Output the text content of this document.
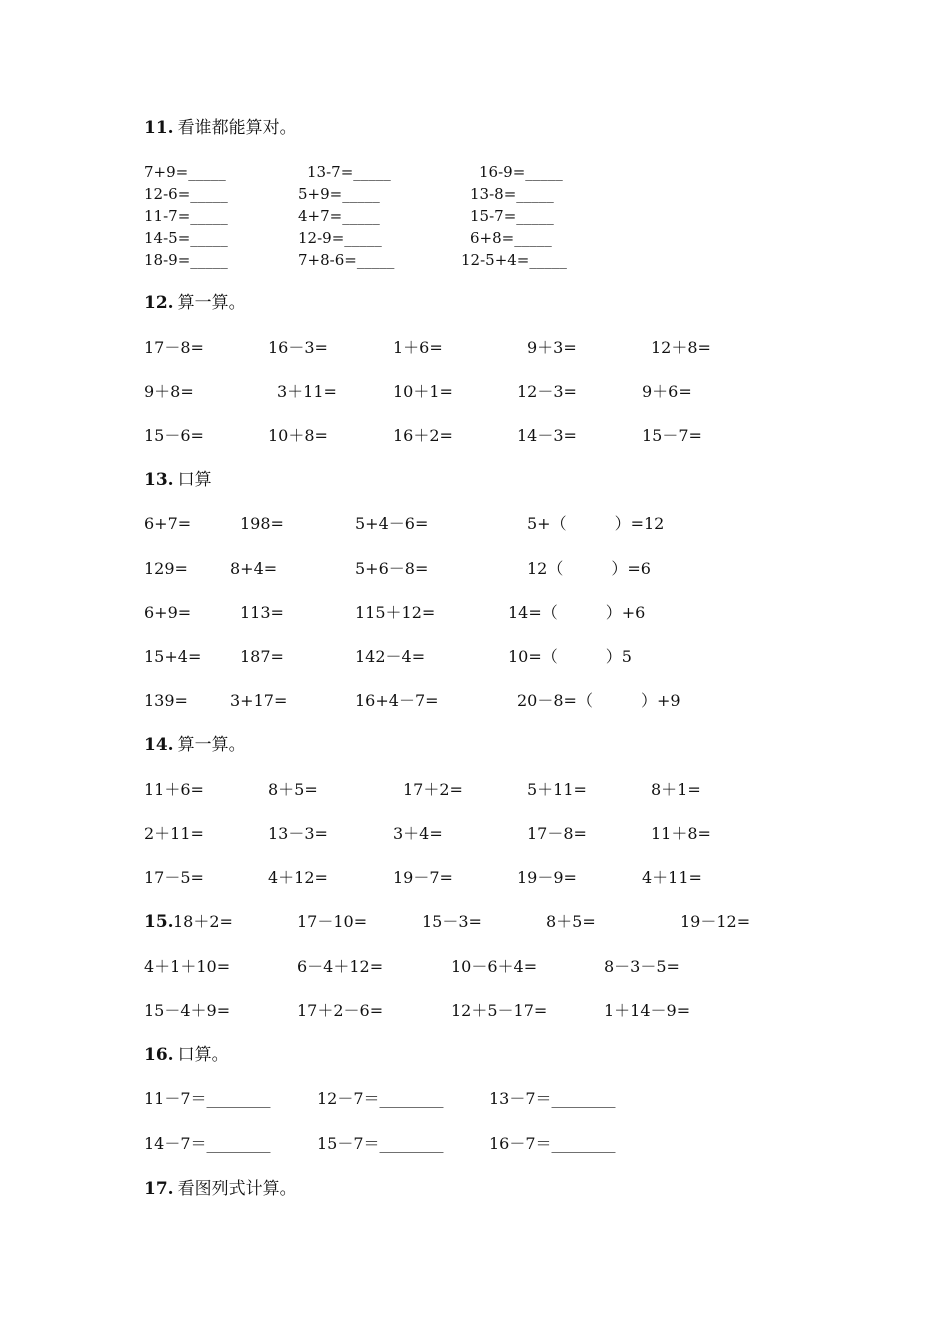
11. 看谁都能算对。
7+9=_____	13-7=_____	16-9=_____
12-6=_____	5+9=_____	13-8=_____
11-7=_____	4+7=_____	15-7=_____
14-5=_____	12-9=_____	6+8=_____
18-9=_____	7+8-6=_____	12-5+4=_____
12. 算一算。
17－8=	16－3=	1＋6=	9＋3=	12＋8=
9＋8=	3＋11=	10＋1=	12－3=	9＋6=
15－6=	10＋8=	16＋2=	14－3=	15－7=
13. 口算
6+7=	198=	5+4－6=	5+（　　　）=12
129=	8+4=	5+6－8=	12（　　　）=6
6+9=	113=	115＋12=	14=（　　　）+6
15+4= 187=	142－4=	10=（　　　）5
139=	3+17=	16+4－7=	20－8=（　　　）+9
14. 算一算。
11＋6=	8＋5=	17＋2=	5＋11=	8＋1=
2＋11=	13－3=	3＋4=	17－8=	11＋8=
17－5=	4＋12=	19－7=	19－9=	4＋11=
15. 18＋2=	17－10=	15－3=	8＋5=	19－12=
4＋1＋10=	6－4＋12=	10－6＋4=	8－3－5=
15－4＋9=	17＋2－6=	12＋5－17=	1＋14－9=
16. 口算。
11－7＝________	12－7＝________	13－7＝________
14－7＝________	15－7＝________	16－7＝________
17. 看图列式计算。
